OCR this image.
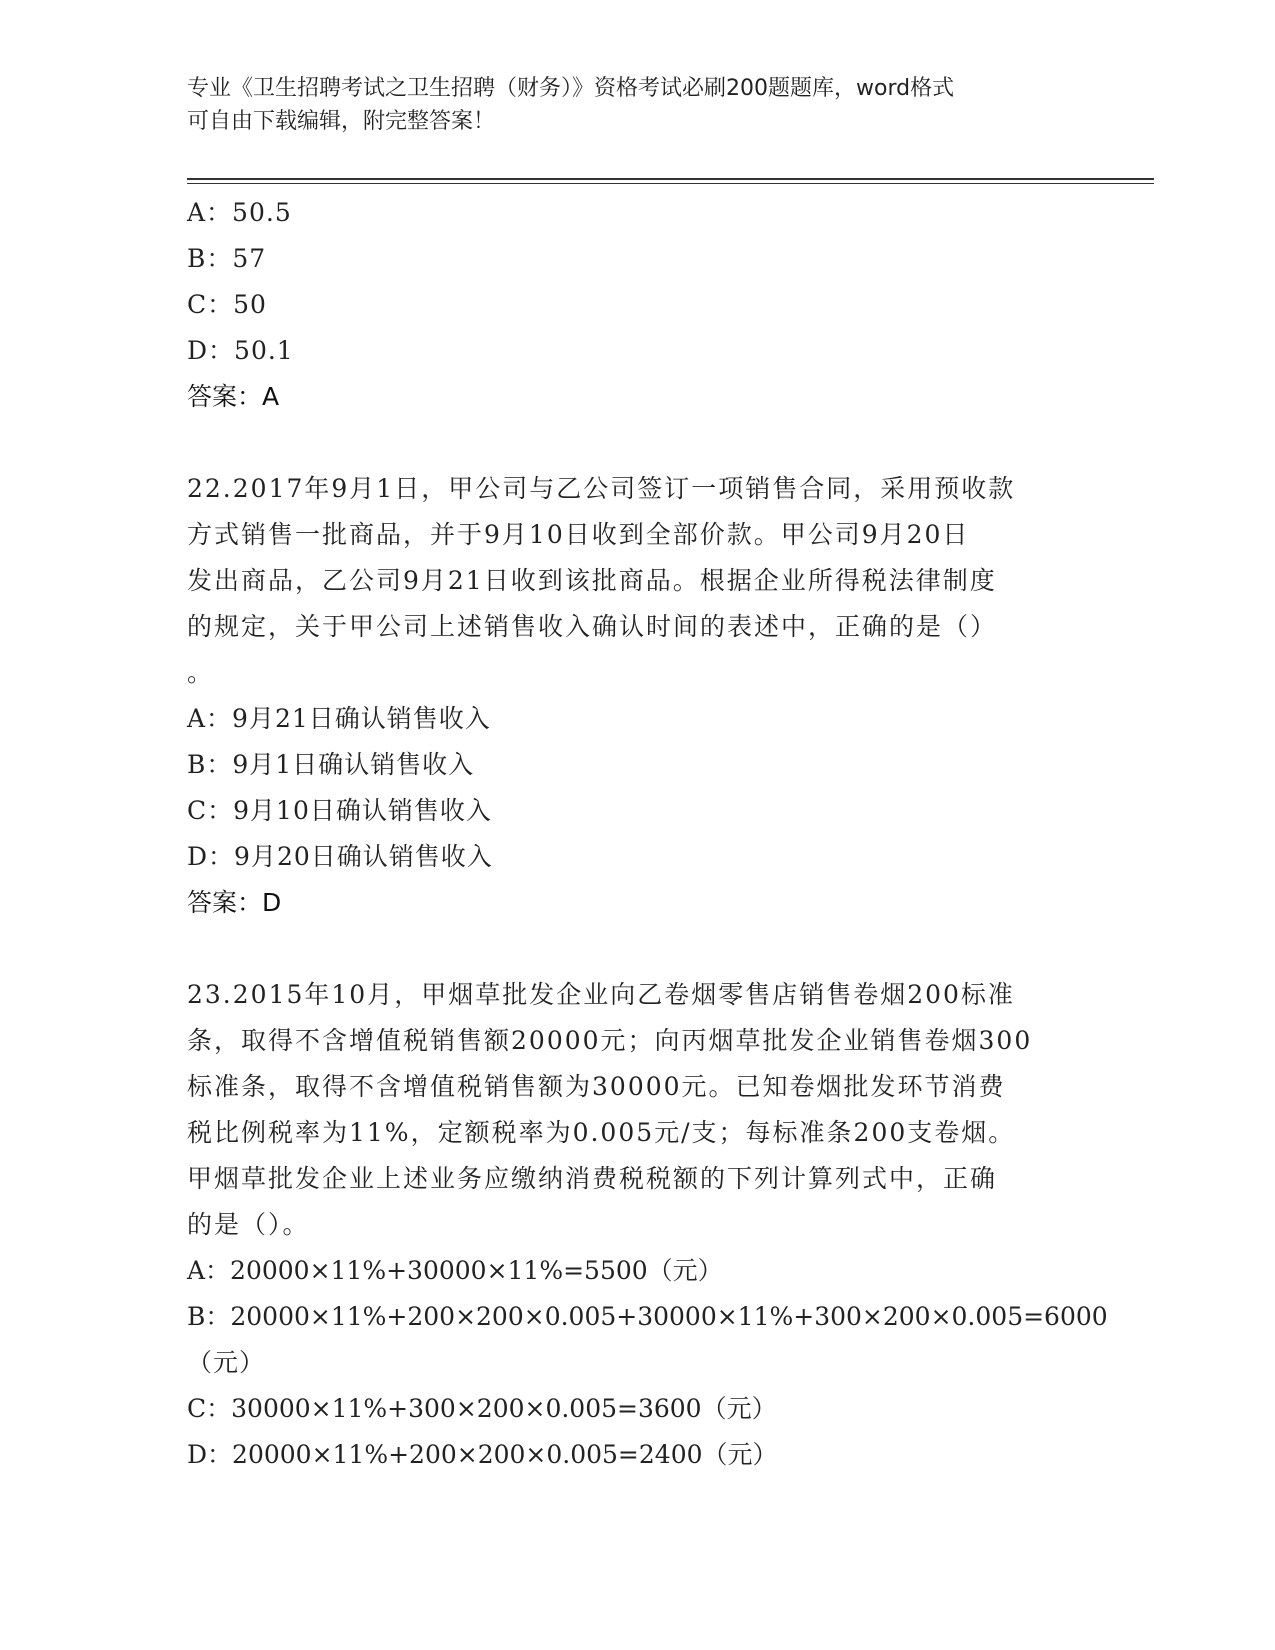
专业《卫生招聘考试之卫生招聘（财务）》资格考试必刷200题题库，word格式
可自由下载编辑，附完整答案！
A：50.5
B：57
C：50
D：50.1
答案：A
22.2017年9月1日，甲公司与乙公司签订一项销售合同，采用预收款
方式销售一批商品，并于9月10日收到全部价款。甲公司9月20日
发出商品，乙公司9月21日收到该批商品。根据企业所得税法律制度
的规定，关于甲公司上述销售收入确认时间的表述中，正确的是（）
。
A：9月21日确认销售收入
B：9月1日确认销售收入
C：9月10日确认销售收入
D：9月20日确认销售收入
答案：D
23.2015年10月，甲烟草批发企业向乙卷烟零售店销售卷烟200标准
条，取得不含增值税销售额20000元；向丙烟草批发企业销售卷烟300
标准条，取得不含增值税销售额为30000元。已知卷烟批发环节消费
税比例税率为11%，定额税率为0.005元/支；每标准条200支卷烟。
甲烟草批发企业上述业务应缴纳消费税税额的下列计算列式中，正确
的是（）。
A：20000×11%+30000×11%=5500（元）
B：20000×11%+200×200×0.005+30000×11%+300×200×0.005=6000
（元）
C：30000×11%+300×200×0.005=3600（元）
D：20000×11%+200×200×0.005=2400（元）
